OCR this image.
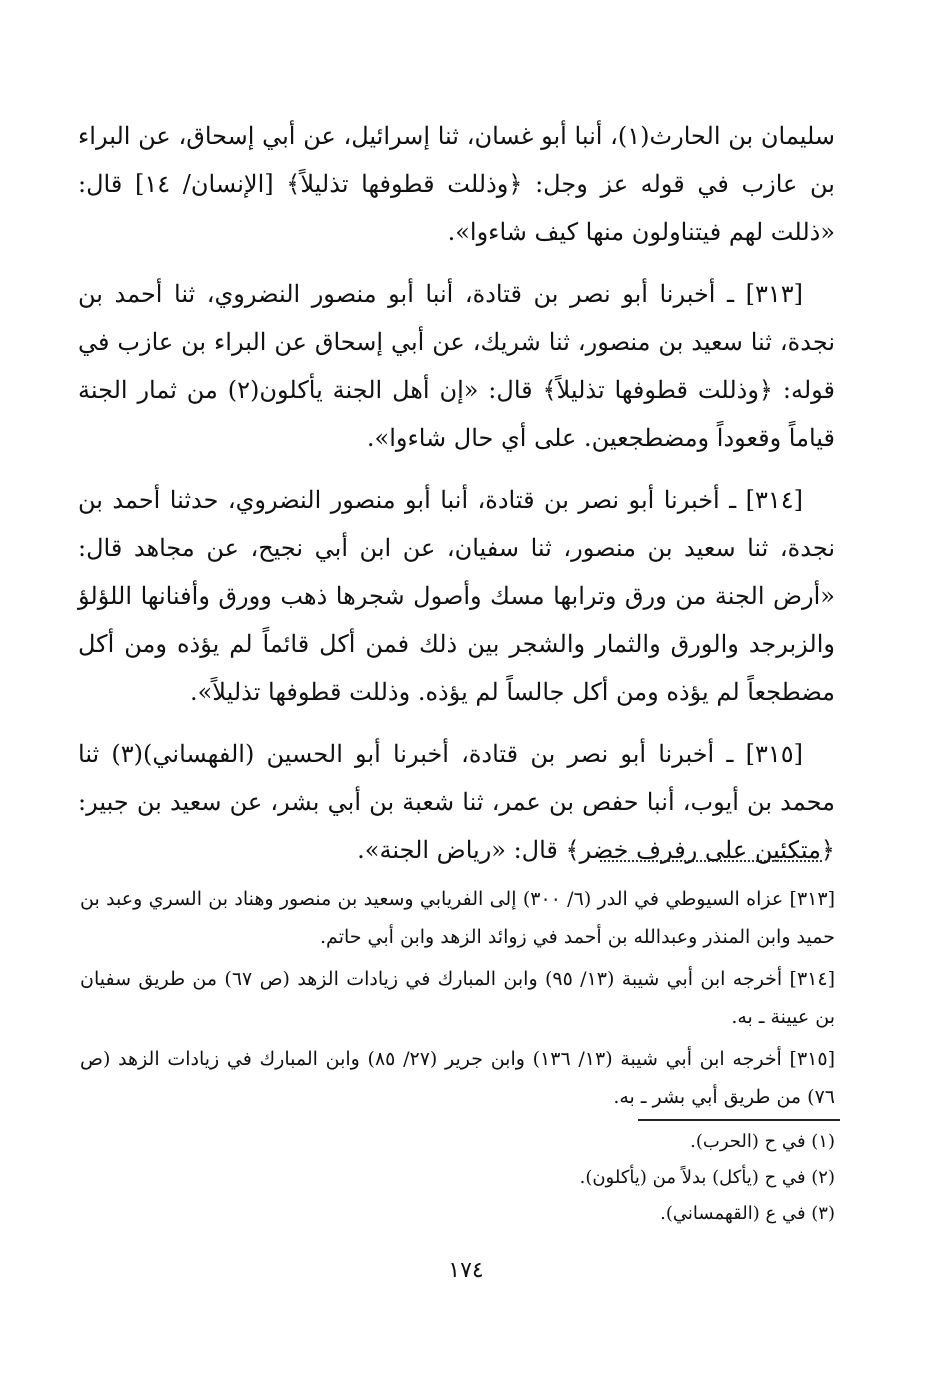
سليمان بن الحارث(١)، أنبا أبو غسان، ثنا إسرائيل، عن أبي إسحاق، عن البراء بن عازب في قوله عز وجل: ﴿وذللت قطوفها تذليلاً﴾ [الإنسان/ ١٤] قال: «ذللت لهم فيتناولون منها كيف شاءوا».

[٣١٣] ـ أخبرنا أبو نصر بن قتادة، أنبا أبو منصور النضروي، ثنا أحمد بن نجدة، ثنا سعيد بن منصور، ثنا شريك، عن أبي إسحاق عن البراء بن عازب في قوله: ﴿وذللت قطوفها تذليلاً﴾ قال: «إن أهل الجنة يأكلون(٢) من ثمار الجنة قياماً وقعوداً ومضطجعين. على أي حال شاءوا».

[٣١٤] ـ أخبرنا أبو نصر بن قتادة، أنبا أبو منصور النضروي، حدثنا أحمد بن نجدة، ثنا سعيد بن منصور، ثنا سفيان، عن ابن أبي نجيح، عن مجاهد قال: «أرض الجنة من ورق وترابها مسك وأصول شجرها ذهب وورق وأفنانها اللؤلؤ والزبرجد والورق والثمار والشجر بين ذلك فمن أكل قائماً لم يؤذه ومن أكل مضطجعاً لم يؤذه ومن أكل جالساً لم يؤذه. وذللت قطوفها تذليلاً».

[٣١٥] ـ أخبرنا أبو نصر بن قتادة، أخبرنا أبو الحسين (الفهساني)(٣) ثنا محمد بن أيوب، أنبا حفص بن عمر، ثنا شعبة بن أبي بشر، عن سعيد بن جبير: ﴿متكئين على رفرف خضر﴾ قال: «رياض الجنة».

[٣١٣] عزاه السيوطي في الدر (٦/ ٣٠٠) إلى الفريابي وسعيد بن منصور وهناد بن السري وعبد بن حميد وابن المنذر وعبدالله بن أحمد في زوائد الزهد وابن أبي حاتم.

[٣١٤] أخرجه ابن أبي شيبة (١٣/ ٩٥) وابن المبارك في زيادات الزهد (ص ٦٧) من طريق سفيان بن عيينة ـ به.

[٣١٥] أخرجه ابن أبي شيبة (١٣/ ١٣٦) وابن جرير (٢٧/ ٨٥) وابن المبارك في زيادات الزهد (ص ٧٦) من طريق أبي بشر ـ به.

(١) في ح (الحرب).
(٢) في ح (يأكل) بدلاً من (يأكلون).
(٣) في ع (القهمساني).
١٧٤
